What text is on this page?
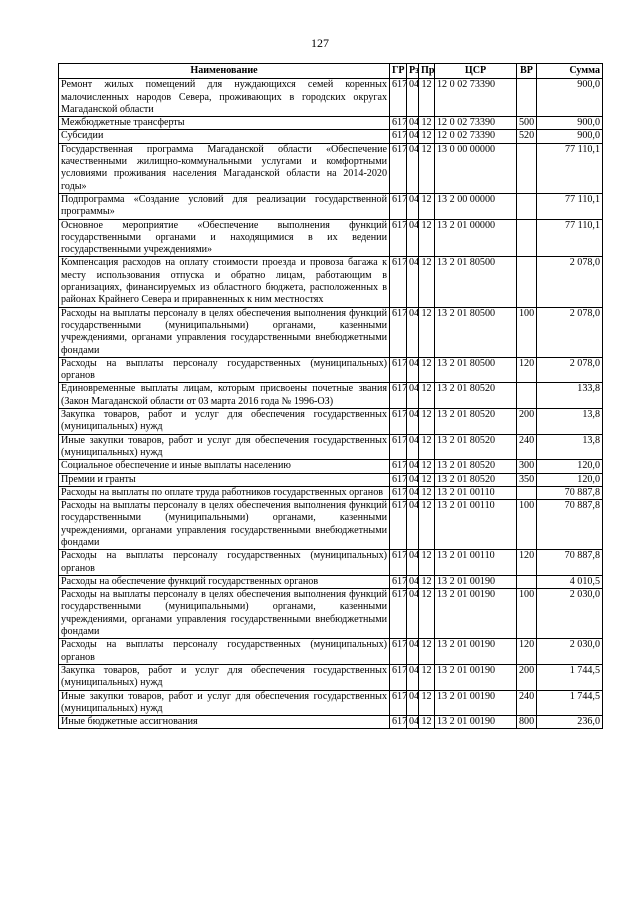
127
Наименование	ГР	Рз	Пр	ЦСР	ВР	Сумма
Ремонт жилых помещений для нуждающихся семей коренных малочисленных народов Севера, проживающих в городских округах Магаданской области	617	04	12	12 0 02 73390		900,0
Межбюджетные трансферты	617	04	12	12 0 02 73390	500	900,0
Субсидии	617	04	12	12 0 02 73390	520	900,0
Государственная программа Магаданской области «Обеспечение качественными жилищно-коммунальными услугами и комфортными условиями проживания населения Магаданской области на 2014-2020 годы»	617	04	12	13 0 00 00000		77 110,1
Подпрограмма «Создание условий для реализации государственной программы»	617	04	12	13 2 00 00000		77 110,1
Основное мероприятие «Обеспечение выполнения функций государственными органами и находящимися в их ведении государственными учреждениями»	617	04	12	13 2 01 00000		77 110,1
Компенсация расходов на оплату стоимости проезда и провоза багажа к месту использования отпуска и обратно лицам, работающим в организациях, финансируемых из областного бюджета, расположенных в районах Крайнего Севера и приравненных к ним местностях	617	04	12	13 2 01 80500		2 078,0
Расходы на выплаты персоналу в целях обеспечения выполнения функций государственными (муниципальными) органами, казенными учреждениями, органами управления государственными внебюджетными фондами	617	04	12	13 2 01 80500	100	2 078,0
Расходы на выплаты персоналу государственных (муниципальных) органов	617	04	12	13 2 01 80500	120	2 078,0
Единовременные выплаты лицам, которым присвоены почетные звания (Закон Магаданской области от 03 марта 2016 года № 1996-ОЗ)	617	04	12	13 2 01 80520		133,8
Закупка товаров, работ и услуг для обеспечения государственных (муниципальных) нужд	617	04	12	13 2 01 80520	200	13,8
Иные закупки товаров, работ и услуг для обеспечения государственных (муниципальных) нужд	617	04	12	13 2 01 80520	240	13,8
Социальное обеспечение и иные выплаты населению	617	04	12	13 2 01 80520	300	120,0
Премии и гранты	617	04	12	13 2 01 80520	350	120,0
Расходы на выплаты по оплате труда работников государственных органов	617	04	12	13 2 01 00110		70 887,8
Расходы на выплаты персоналу в целях обеспечения выполнения функций государственными (муниципальными) органами, казенными учреждениями, органами управления государственными внебюджетными фондами	617	04	12	13 2 01 00110	100	70 887,8
Расходы на выплаты персоналу государственных (муниципальных) органов	617	04	12	13 2 01 00110	120	70 887,8
Расходы на обеспечение функций государственных органов	617	04	12	13 2 01 00190		4 010,5
Расходы на выплаты персоналу в целях обеспечения выполнения функций государственными (муниципальными) органами, казенными учреждениями, органами управления государственными внебюджетными фондами	617	04	12	13 2 01 00190	100	2 030,0
Расходы на выплаты персоналу государственных (муниципальных) органов	617	04	12	13 2 01 00190	120	2 030,0
Закупка товаров, работ и услуг для обеспечения государственных (муниципальных) нужд	617	04	12	13 2 01 00190	200	1 744,5
Иные закупки товаров, работ и услуг для обеспечения государственных (муниципальных) нужд	617	04	12	13 2 01 00190	240	1 744,5
Иные бюджетные ассигнования	617	04	12	13 2 01 00190	800	236,0
